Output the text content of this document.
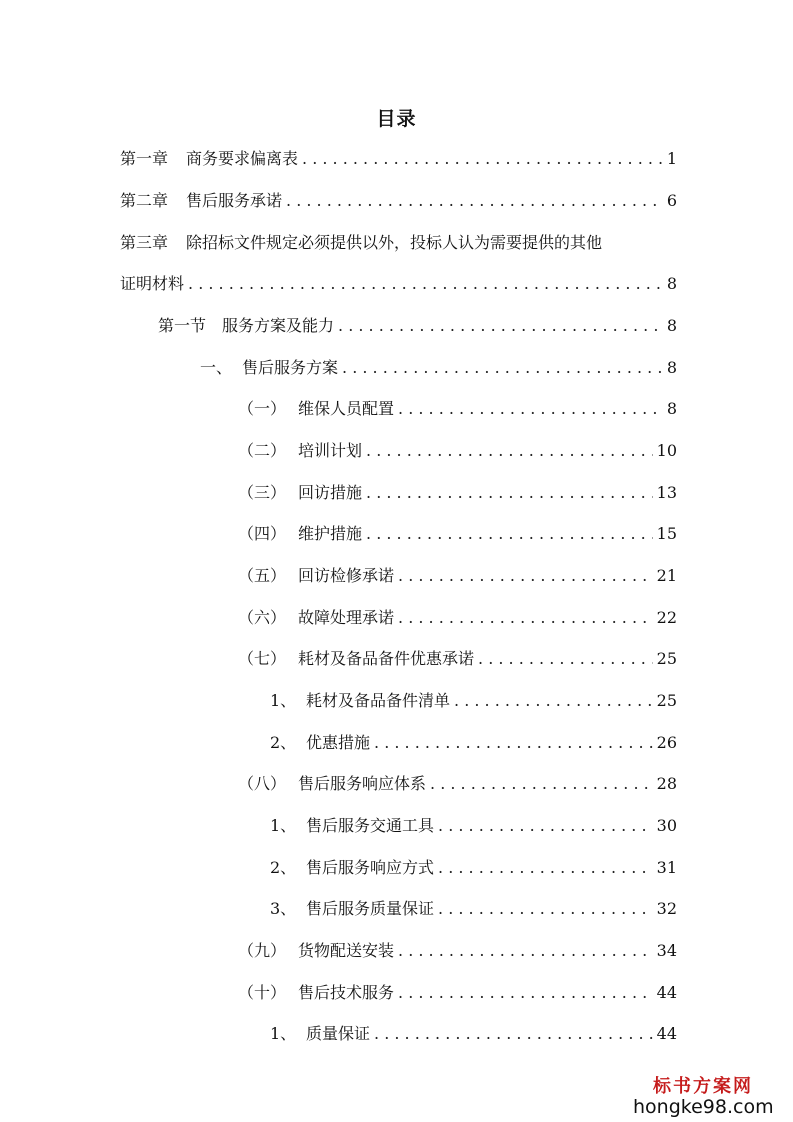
目录
第一章	商务要求偏离表 . . .	1
第二章	售后服务承诺 . . .	6
第三章 除招标文件规定必须提供以外，投标人认为需要提供的其他
证明材料 . . .	8
第一节 服务方案及能力 . . .	8
一、 售后服务方案 . . .	8
（一） 维保人员配置 . . .	8
（二） 培训计划 . . .	10
（三） 回访措施 . . .	13
（四） 维护措施 . . .	15
（五） 回访检修承诺 . . .	21
（六） 故障处理承诺 . . .	22
（七） 耗材及备品备件优惠承诺 . . .	25
1、 耗材及备品备件清单 . . .	25
2、 优惠措施 . . .	26
（八） 售后服务响应体系 . . .	28
1、 售后服务交通工具 . . .	30
2、 售后服务响应方式 . . .	31
3、 售后服务质量保证 . . .	32
（九） 货物配送安装 . . .	34
（十） 售后技术服务 . . .	44
1、 质量保证 . . .	44
标书方案网
hongke98.com
